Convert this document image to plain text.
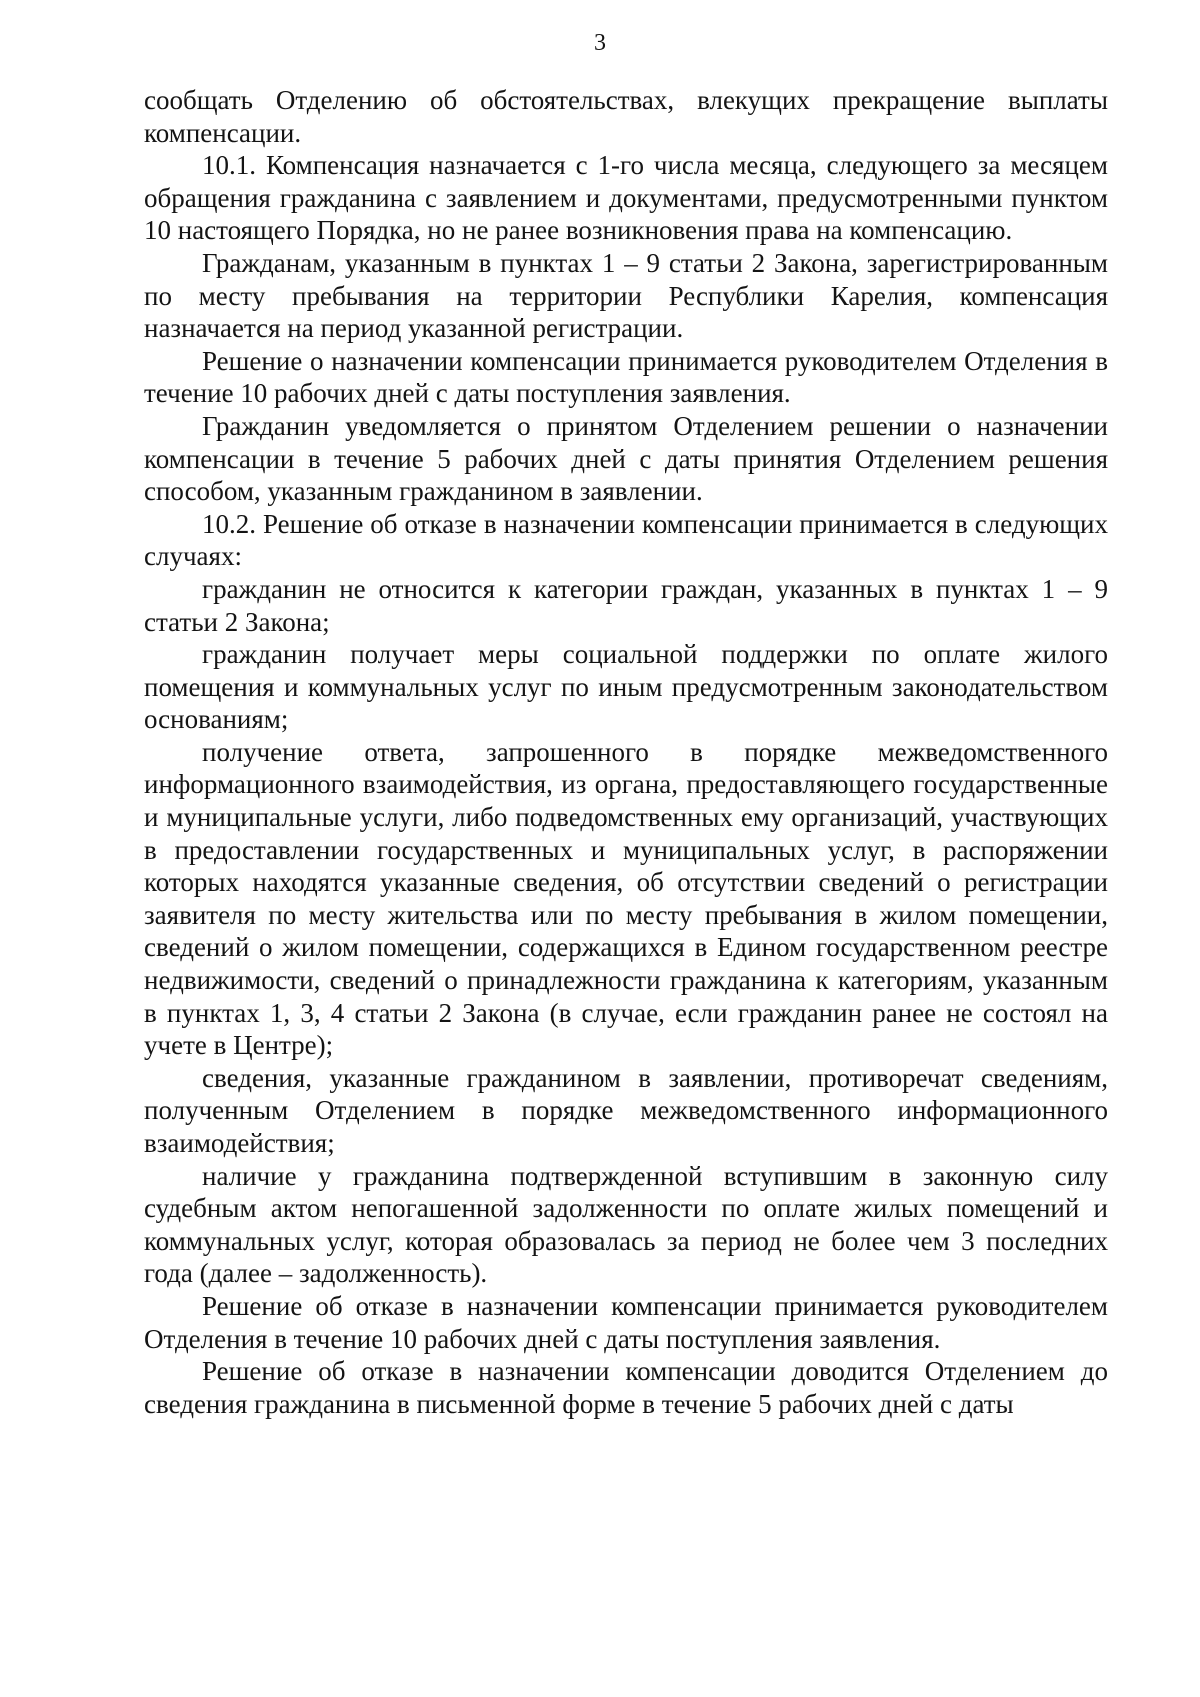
3

сообщать Отделению об обстоятельствах, влекущих прекращение выплаты компенсации.

10.1. Компенсация назначается с 1-го числа месяца, следующего за месяцем обращения гражданина с заявлением и документами, предусмотренными пунктом 10 настоящего Порядка, но не ранее возникновения права на компенсацию.

Гражданам, указанным в пунктах 1 – 9 статьи 2 Закона, зарегистрированным по месту пребывания на территории Республики Карелия, компенсация назначается на период указанной регистрации.

Решение о назначении компенсации принимается руководителем Отделения в течение 10 рабочих дней с даты поступления заявления.

Гражданин уведомляется о принятом Отделением решении о назначении компенсации в течение 5 рабочих дней с даты принятия Отделением решения способом, указанным гражданином в заявлении.

10.2. Решение об отказе в назначении компенсации принимается в следующих случаях:

гражданин не относится к категории граждан, указанных в пунктах 1 – 9 статьи 2 Закона;

гражданин получает меры социальной поддержки по оплате жилого помещения и коммунальных услуг по иным предусмотренным законодательством основаниям;

получение ответа, запрошенного в порядке межведомственного информационного взаимодействия, из органа, предоставляющего государственные и муниципальные услуги, либо подведомственных ему организаций, участвующих в предоставлении государственных и муниципальных услуг, в распоряжении которых находятся указанные сведения, об отсутствии сведений о регистрации заявителя по месту жительства или по месту пребывания в жилом помещении, сведений о жилом помещении, содержащихся в Едином государственном реестре недвижимости, сведений о принадлежности гражданина к категориям, указанным в пунктах 1, 3, 4 статьи 2 Закона (в случае, если гражданин ранее не состоял на учете в Центре);

сведения, указанные гражданином в заявлении, противоречат сведениям, полученным Отделением в порядке межведомственного информационного взаимодействия;

наличие у гражданина подтвержденной вступившим в законную силу судебным актом непогашенной задолженности по оплате жилых помещений и коммунальных услуг, которая образовалась за период не более чем 3 последних года (далее – задолженность).

Решение об отказе в назначении компенсации принимается руководителем Отделения в течение 10 рабочих дней с даты поступления заявления.

Решение об отказе в назначении компенсации доводится Отделением до сведения гражданина в письменной форме в течение 5 рабочих дней с даты
